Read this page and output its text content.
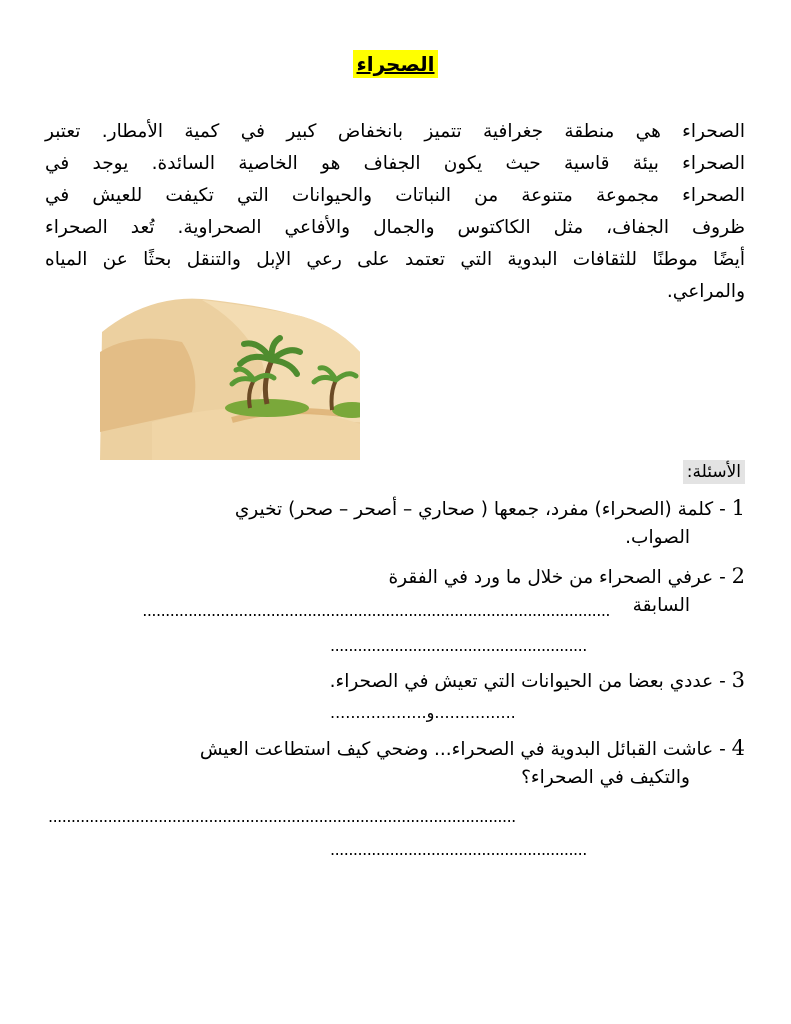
الصحراء
الصحراء هي منطقة جغرافية تتميز بانخفاض كبير في كمية الأمطار. تعتبر
الصحراء بيئة قاسية حيث يكون الجفاف هو الخاصية السائدة. يوجد في
الصحراء مجموعة متنوعة من النباتات والحيوانات التي تكيفت للعيش في
ظروف الجفاف، مثل الكاكتوس والجمال والأفاعي الصحراوية. تُعد الصحراء
أيضًا موطنًا للثقافات البدوية التي تعتمد على رعي الإبل والتنقل بحثًا عن المياه
والمراعي.
الأسئلة:
1 - كلمة (الصحراء) مفرد، جمعها ( صحاري – أصحر – صحر) تخيري
الصواب.
2 - عرفي الصحراء من خلال ما ورد في الفقرة
السابقة
......................................................................................................
........................................................
3 - عددي بعضا من الحيوانات التي تعيش في الصحراء.
................و...................
4 - عاشت القبائل البدوية في الصحراء... وضحي كيف استطاعت العيش
والتكيف في الصحراء؟
......................................................................................................
........................................................
